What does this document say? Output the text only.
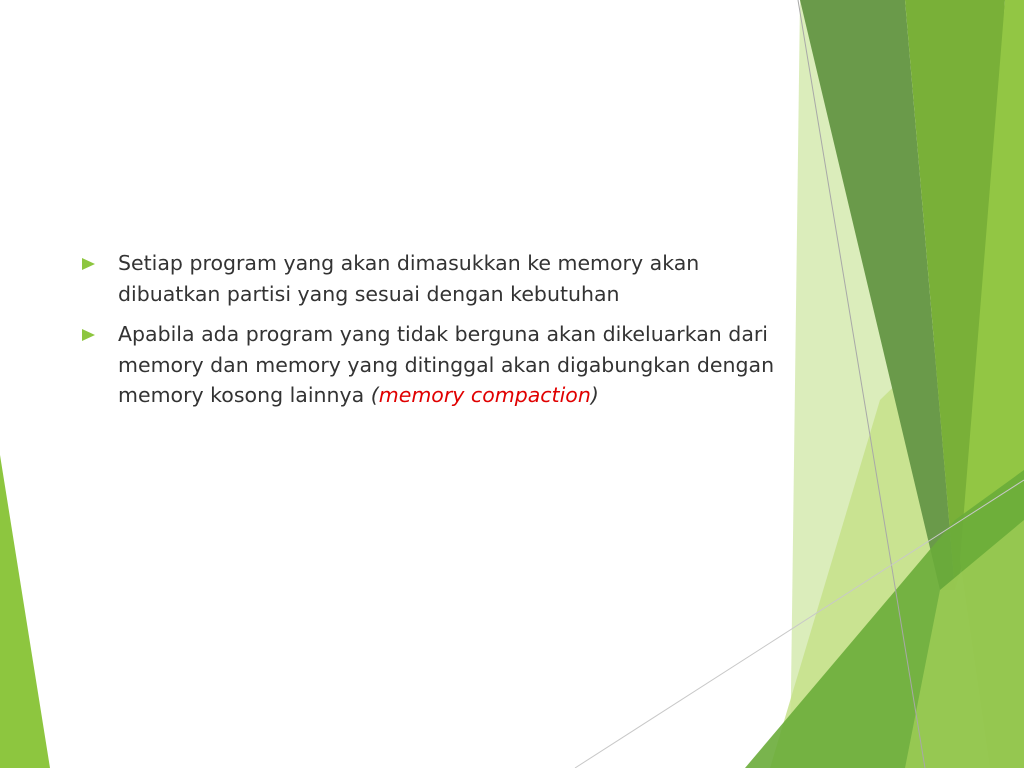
Setiap program yang akan dimasukkan ke memory akan dibuatkan partisi yang sesuai dengan kebutuhan
Apabila ada program yang tidak berguna akan dikeluarkan dari memory dan memory yang ditinggal akan digabungkan dengan memory kosong lainnya (memory compaction)
